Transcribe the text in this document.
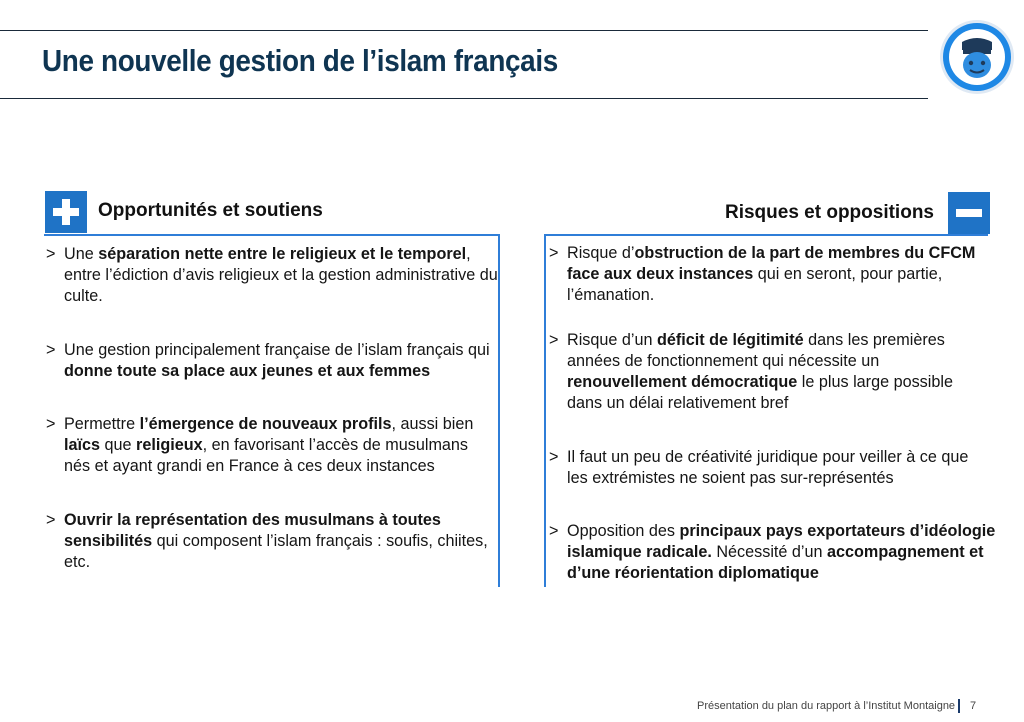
Une nouvelle gestion de l’islam français
Opportunités et soutiens	Risques et oppositions
> Une séparation nette entre le religieux et le temporel, entre l’édiction d’avis religieux et la gestion administrative du culte.
> Une gestion principalement française de l’islam français qui donne toute sa place aux jeunes et aux femmes
> Permettre l’émergence de nouveaux profils, aussi bien laïcs que religieux, en favorisant l’accès de musulmans nés et ayant grandi en France à ces deux instances
> Ouvrir la représentation des musulmans à toutes sensibilités qui composent l’islam français : soufis, chiites, etc.
> Risque d’obstruction de la part de membres du CFCM face aux deux instances qui en seront, pour partie, l’émanation.
> Risque d’un déficit de légitimité dans les premières années de fonctionnement qui nécessite un renouvellement démocratique le plus large possible dans un délai relativement bref
> Il faut un peu de créativité juridique pour veiller à ce que les extrémistes ne soient pas sur-représentés
> Opposition des principaux pays exportateurs d’idéologie islamique radicale. Nécessité d’un accompagnement et d’une réorientation diplomatique
Présentation du plan du rapport à l’Institut Montaigne 7
